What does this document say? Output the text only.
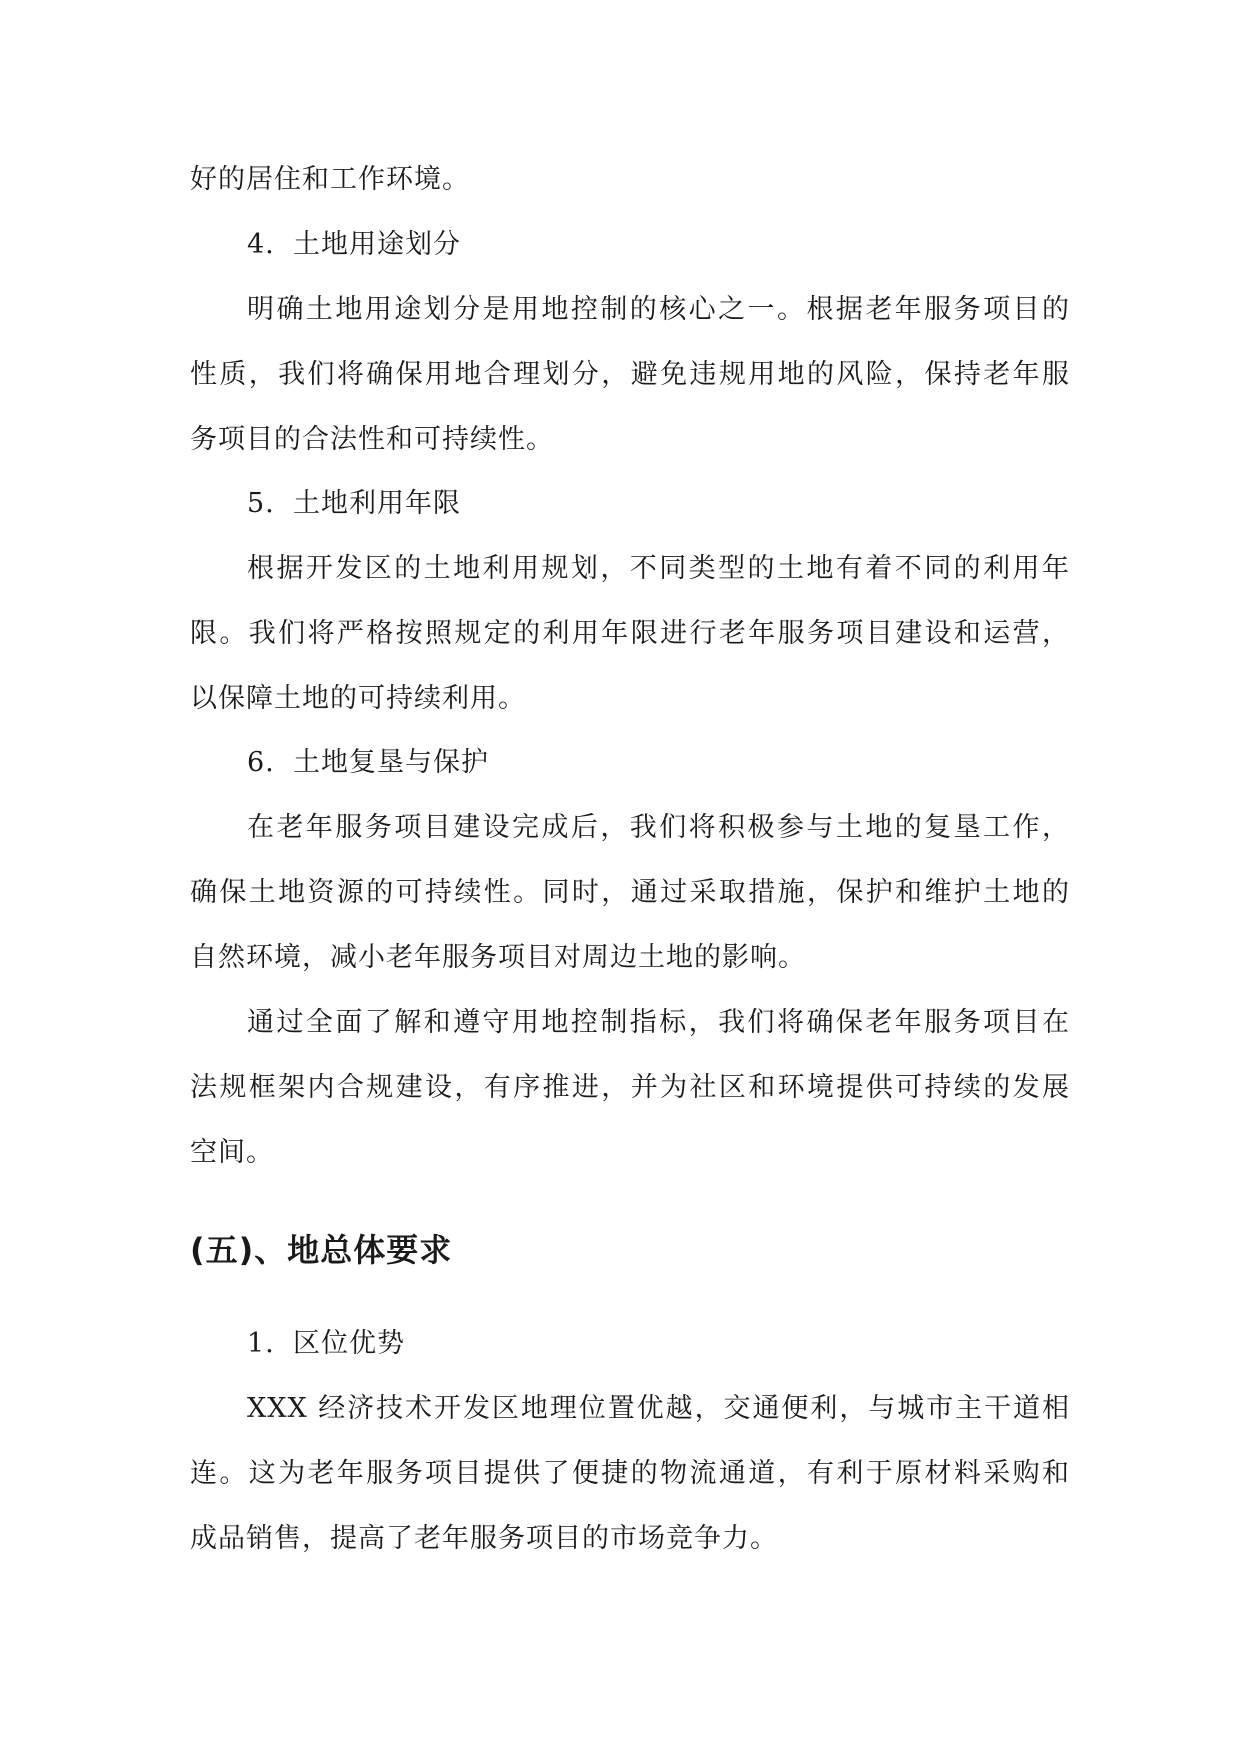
好的居住和工作环境。
4. 土地用途划分
明确土地用途划分是用地控制的核心之一。根据老年服务项目的
性质，我们将确保用地合理划分，避免违规用地的风险，保持老年服
务项目的合法性和可持续性。
5. 土地利用年限
根据开发区的土地利用规划，不同类型的土地有着不同的利用年
限。我们将严格按照规定的利用年限进行老年服务项目建设和运营，
以保障土地的可持续利用。
6. 土地复垦与保护
在老年服务项目建设完成后，我们将积极参与土地的复垦工作，
确保土地资源的可持续性。同时，通过采取措施，保护和维护土地的
自然环境，减小老年服务项目对周边土地的影响。
通过全面了解和遵守用地控制指标，我们将确保老年服务项目在
法规框架内合规建设，有序推进，并为社区和环境提供可持续的发展
空间。
(五)、地总体要求
1. 区位优势
XXX 经济技术开发区地理位置优越，交通便利，与城市主干道相
连。这为老年服务项目提供了便捷的物流通道，有利于原材料采购和
成品销售，提高了老年服务项目的市场竞争力。
